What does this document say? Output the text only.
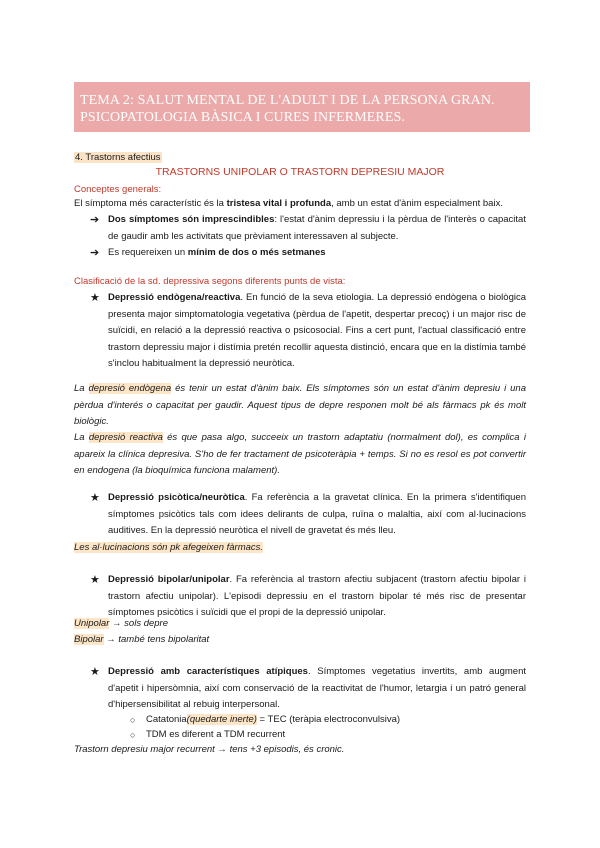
TEMA 2: SALUT MENTAL DE L'ADULT I DE LA PERSONA GRAN. PSICOPATOLOGIA BÀSICA I CURES INFERMERES.
4. Trastorns afectius
TRASTORNS UNIPOLAR O TRASTORN DEPRESIU MAJOR
Conceptes generals:
El símptoma més característic és la tristesa vital i profunda, amb un estat d'ànim especialment baix.
➔ Dos símptomes són imprescindibles: l'estat d'ànim depressiu i la pèrdua de l'interès o capacitat de gaudir amb les activitats que prèviament interessaven al subjecte.
➔ Es requereixen un mínim de dos o més setmanes
Clasificació de la sd. depressiva segons diferents punts de vista:
★ Depressió endògena/reactiva. En funció de la seva etiologia. La depressió endògena o biològica presenta major simptomatologia vegetativa (pèrdua de l'apetit, despertar precoç) i un major risc de suïcidi, en relació a la depressió reactiva o psicosocial. Fins a cert punt, l'actual classificació entre trastorn depressiu major i distímia pretén recollir aquesta distinció, encara que en la distímia també s'inclou habitualment la depressió neuròtica.
La depresió endògena és tenir un estat d'ànim baix. Els símptomes són un estat d'ànim depresiu i una pèrdua d'interés o capacitat per gaudir. Aquest tipus de depre responen molt bé als fàrmacs pk és molt biològic.
La depresió reactiva és que pasa algo, succeeix un trastorn adaptatiu (normalment dol), es complica i apareix la clínica depresiva. S'ho de fer tractament de psicoteràpia + temps. Si no es resol es pot convertir en endogena (la bioquímica funciona malament).
★ Depressió psicòtica/neuròtica. Fa referència a la gravetat clínica. En la primera s'identifiquen símptomes psicòtics tals com idees delirants de culpa, ruïna o malaltia, així com al·lucinacions auditives. En la depressió neuròtica el nivell de gravetat és més lleu.
Les al·lucinacions són pk afegeixen fàrmacs.
★ Depressió bipolar/unipolar. Fa referència al trastorn afectiu subjacent (trastorn afectiu bipolar i trastorn afectiu unipolar). L'episodi depressiu en el trastorn bipolar té més risc de presentar símptomes psicòtics i suïcidi que el propi de la depressió unipolar.
Unipolar → sols depre
Bipolar → també tens bipolaritat
★ Depressió amb característiques atípiques. Símptomes vegetatius invertits, amb augment d'apetit i hipersòmnia, així com conservació de la reactivitat de l'humor, letargia i un patró general d'hipersensibilitat al rebuig interpersonal.
○	Catatonia(quedarte inerte) = TEC (teràpia electroconvulsiva)
○	TDM es diferent a TDM recurrent
Trastorn depresiu major recurrent → tens +3 episodis, és cronic.
